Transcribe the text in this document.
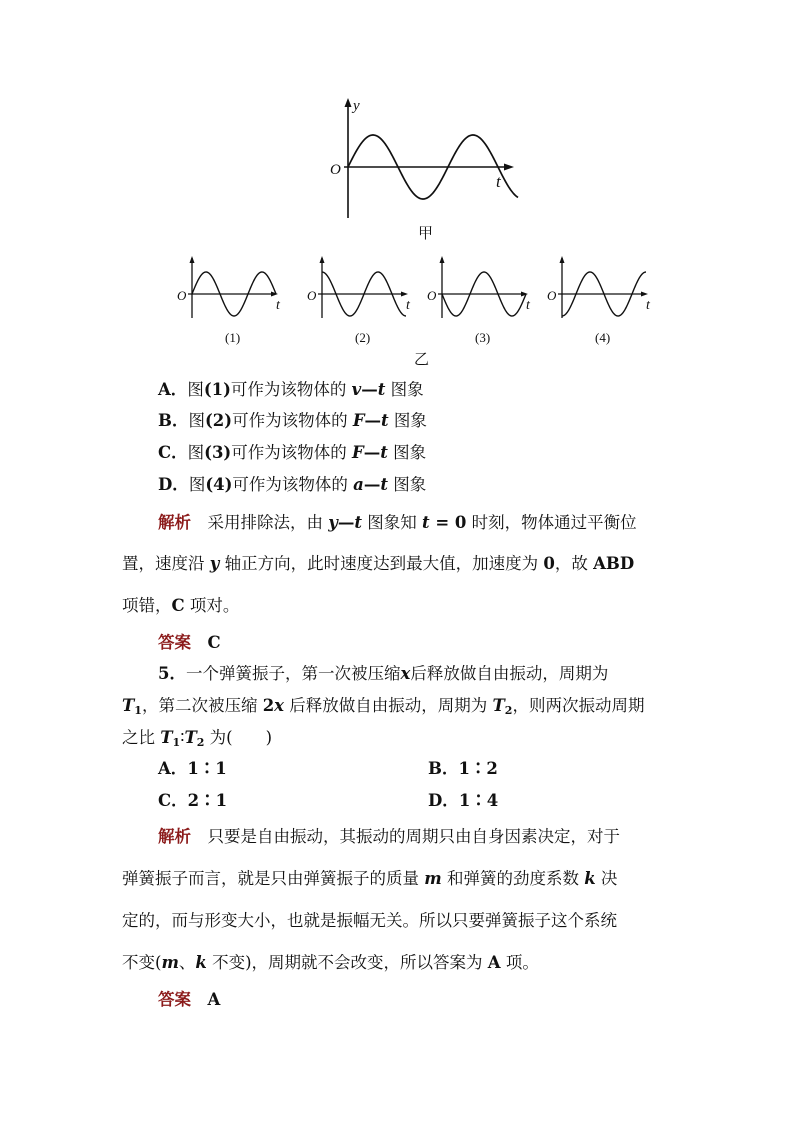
y
O
t
甲
O
t
(1)
O
t
(2)
O
t
(3)
O
t
(4)
乙
A．图(1)可作为该物体的 v—t 图象
B．图(2)可作为该物体的 F—t 图象
C．图(3)可作为该物体的 F—t 图象
D．图(4)可作为该物体的 a—t 图象
解析　 采用排除法，由 y—t 图象知 t = 0 时刻，物体通过平衡位
置，速度沿 y 轴正方向，此时速度达到最大值，加速度为 0，故 ABD
项错，C 项对。
答案　 C
5．一个弹簧振子，第一次被压缩x后释放做自由振动，周期为
$T_1$，第二次被压缩 2x 后释放做自由振动，周期为 $T_2$，则两次振动周期
之比 $T_1∶T_2$ 为(　　)
A．1∶1	B．1∶2
C．2∶1	D．1∶4
解析　 只要是自由振动，其振动的周期只由自身因素决定，对于
弹簧振子而言，就是只由弹簧振子的质量 m 和弹簧的劲度系数 k 决
定的，而与形变大小，也就是振幅无关。所以只要弹簧振子这个系统
不变(m、k 不变)，周期就不会改变，所以答案为 A 项。
答案　 A
